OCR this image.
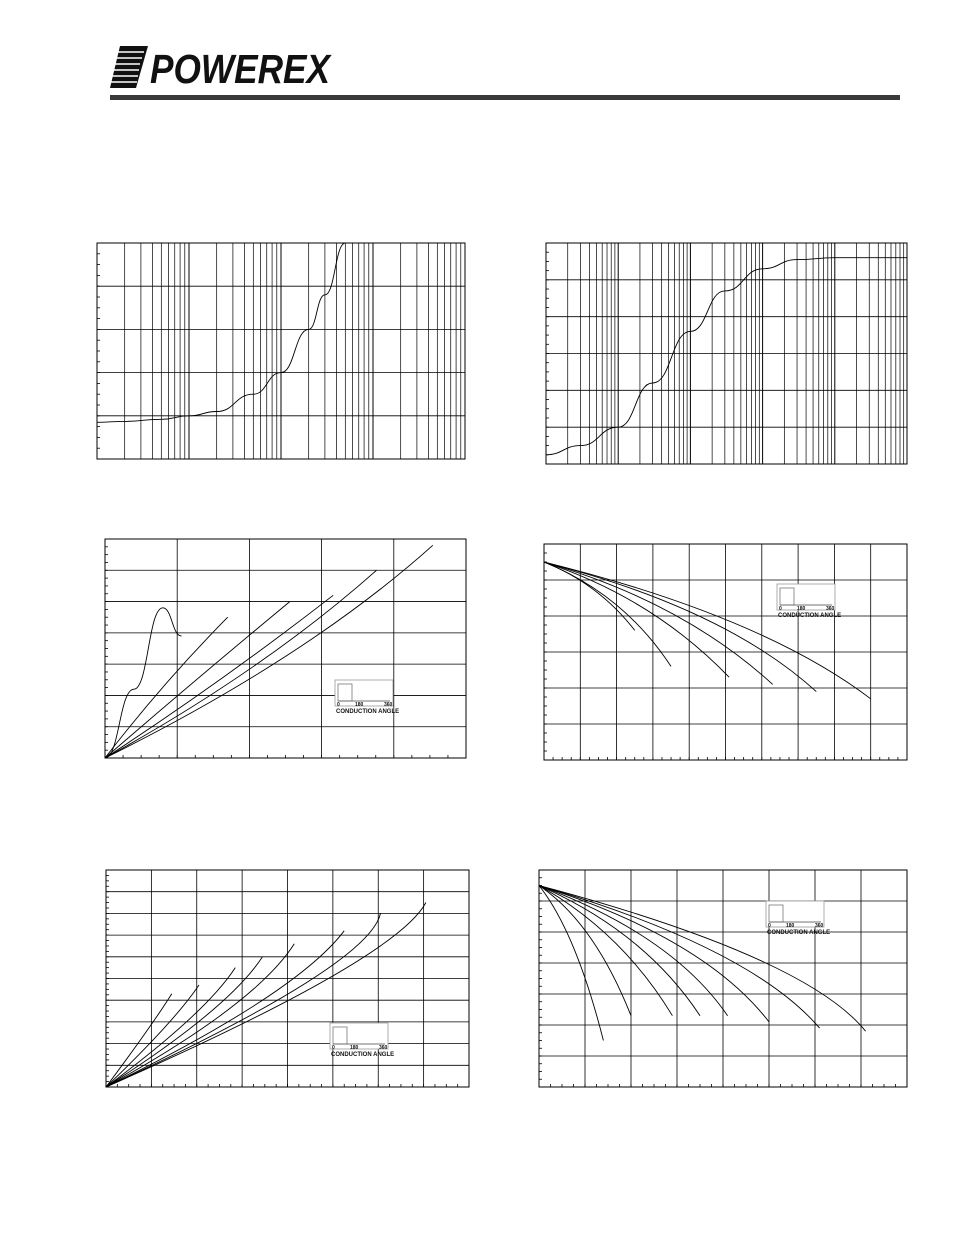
POWEREX
0	180	360
CONDUCTION ANGLE
0	180	360
CONDUCTION ANGLE
0	180	360
CONDUCTION ANGLE
0	180	360
CONDUCTION ANGLE
